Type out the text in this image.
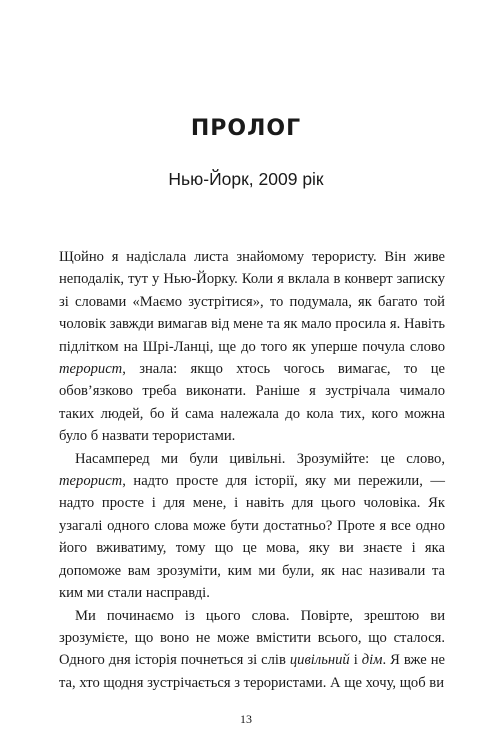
ПРОЛОГ
Нью-Йорк, 2009 рік

Щойно я надіслала листа знайомому терористу. Він живе неподалік, тут у Нью-Йорку. Коли я вклала в конверт записку зі словами «Маємо зустрітися», то подумала, як багато той чоловік завжди вимагав від мене та як мало просила я. Навіть підлітком на Шрі-Ланці, ще до того як уперше почула слово терорист, знала: якщо хтось чогось вимагає, то це обов’язково треба виконати. Раніше я зустрічала чимало таких людей, бо й сама належала до кола тих, кого можна було б назвати терористами.

Насамперед ми були цивільні. Зрозумійте: це слово, терорист, надто просте для історії, яку ми пережили, — надто просте і для мене, і навіть для цього чоловіка. Як узагалі одного слова може бути достатньо? Проте я все одно його вживатиму, тому що це мова, яку ви знаєте і яка допоможе вам зрозуміти, ким ми були, як нас називали та ким ми стали насправді.

Ми починаємо із цього слова. Повірте, зрештою ви зрозумієте, що воно не може вмістити всього, що сталося. Одного дня історія почнеться зі слів цивільний і дім. Я вже не та, хто щодня зустрічається з терористами. А ще хочу, щоб ви

13
